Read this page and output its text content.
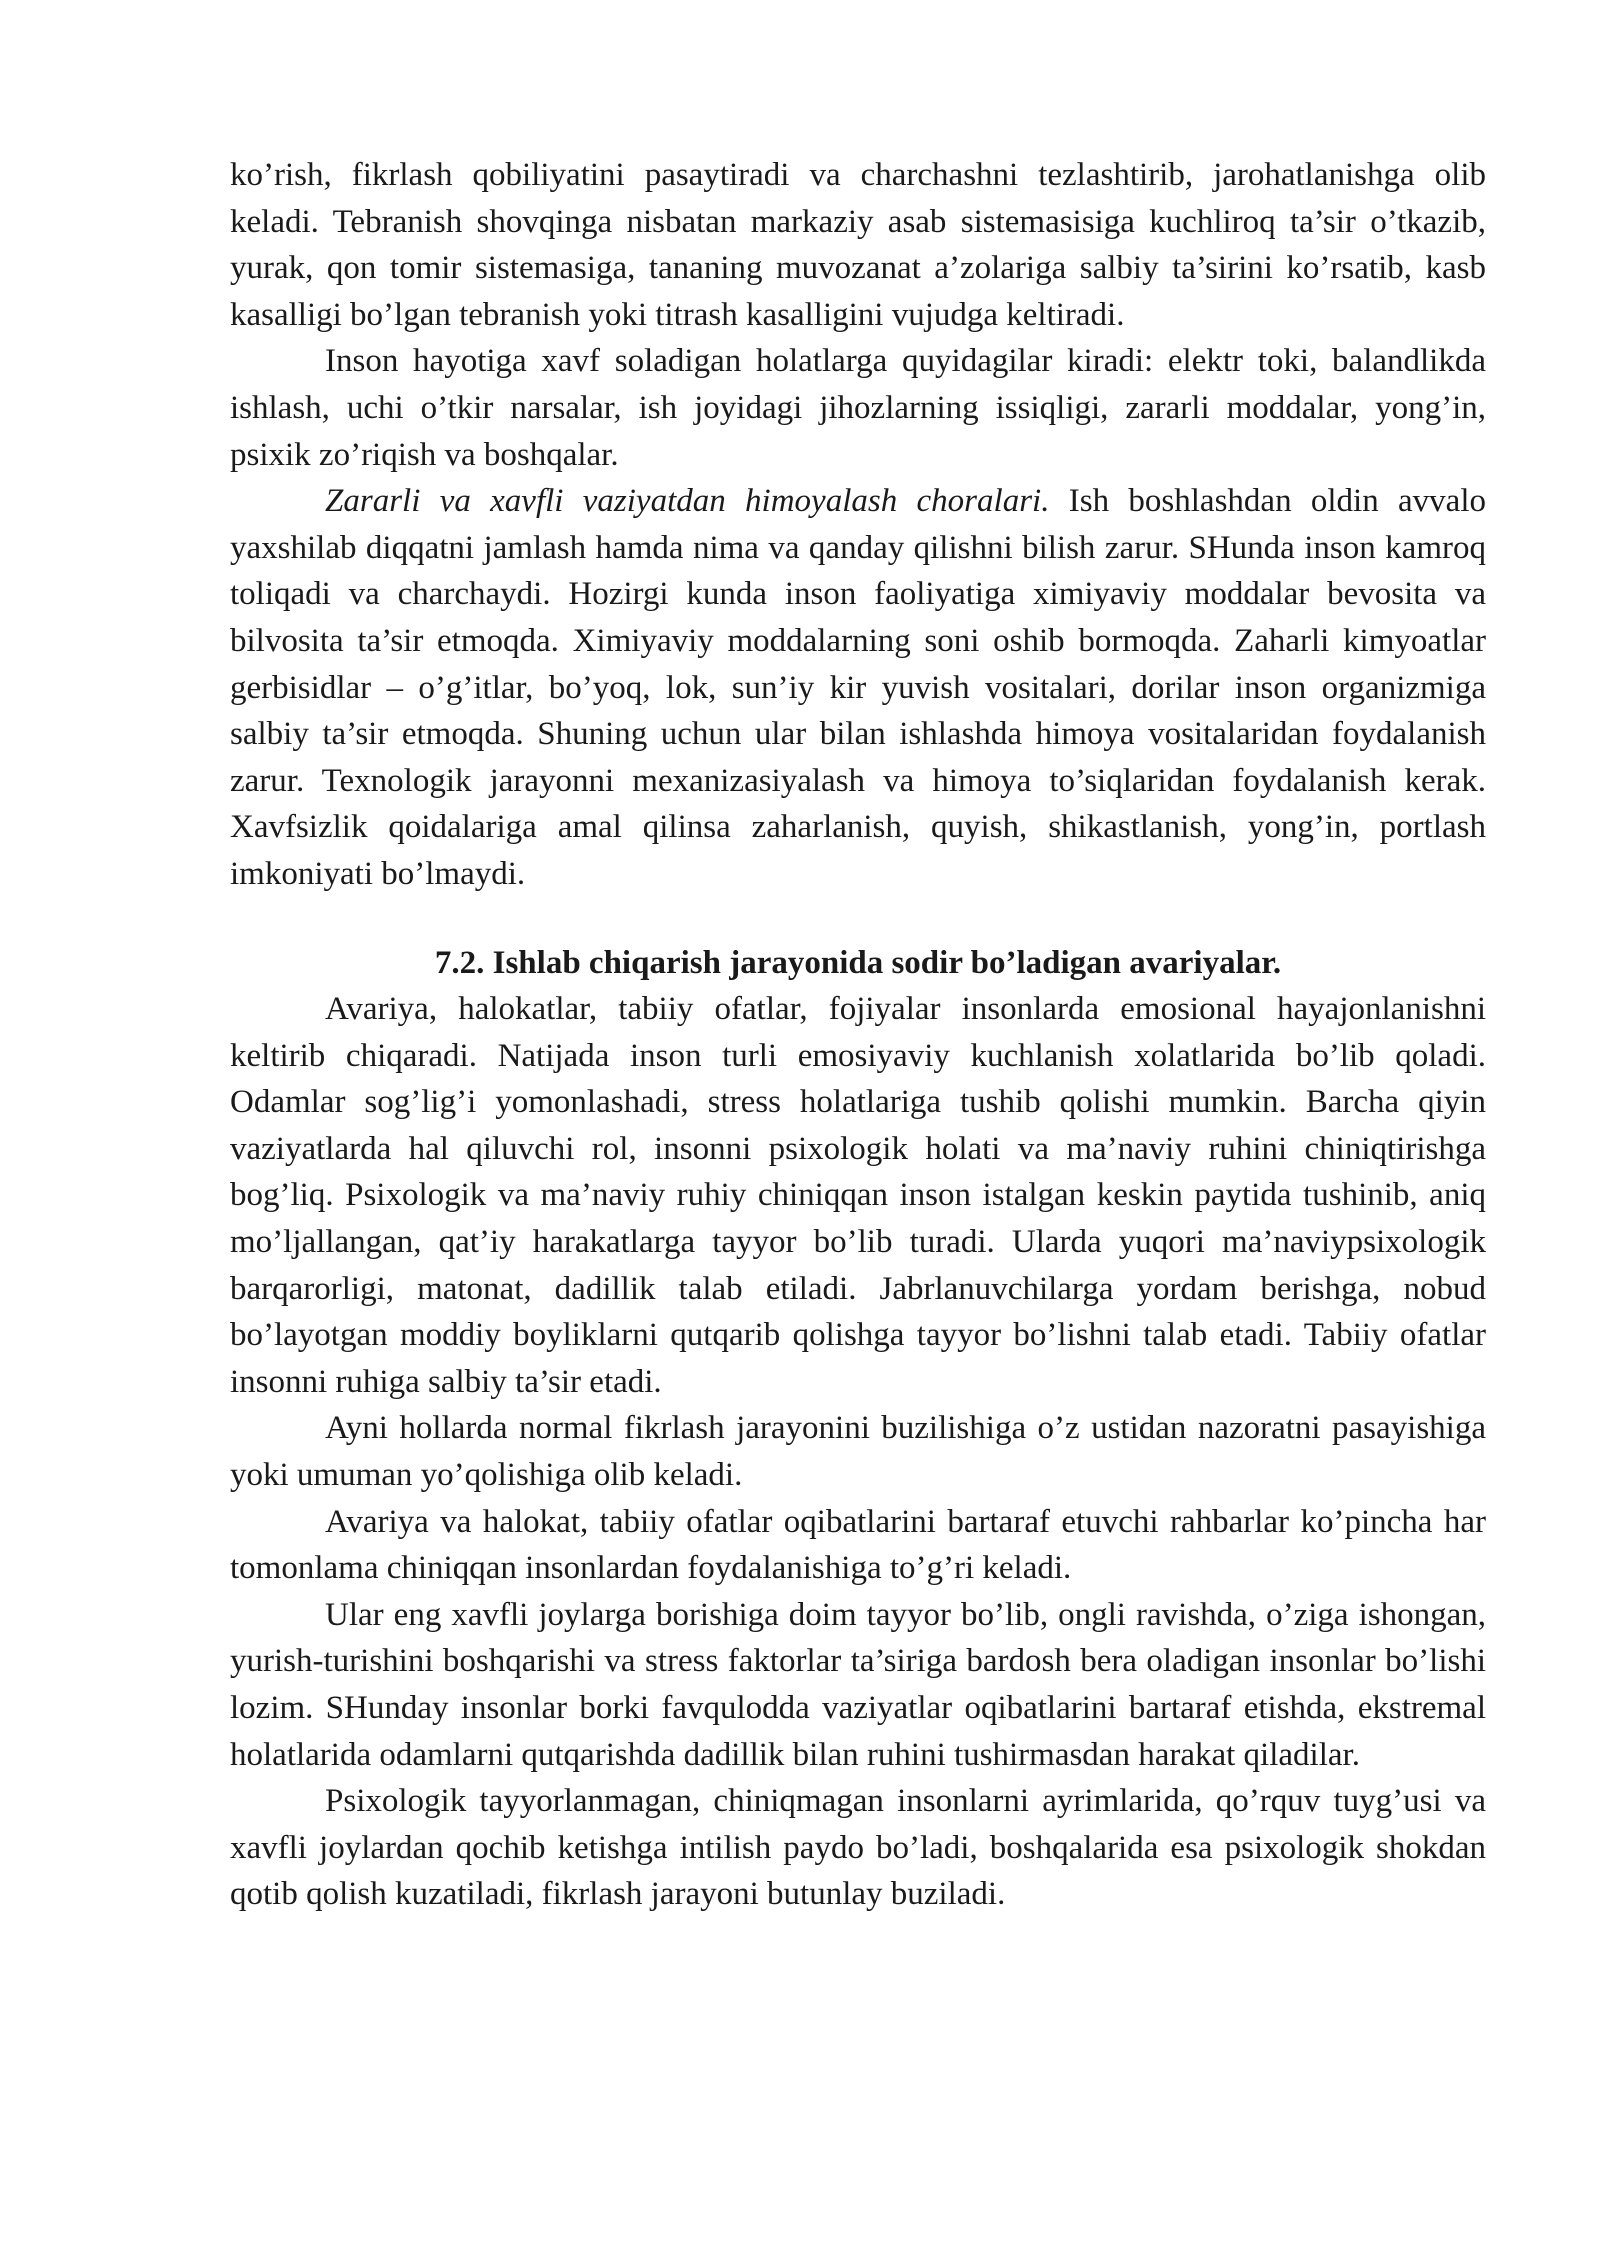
ko’rish, fikrlash qobiliyatini pasaytiradi va charchashni tezlashtirib, jarohatlanishga olib keladi. Tebranish shovqinga nisbatan markaziy asab sistemasisiga kuchliroq ta’sir o’tkazib, yurak, qon tomir sistemasiga, tananing muvozanat a’zolariga salbiy ta’sirini ko’rsatib, kasb kasalligi bo’lgan tebranish yoki titrash kasalligini vujudga keltiradi.

Inson hayotiga xavf soladigan holatlarga quyidagilar kiradi: elektr toki, balandlikda ishlash, uchi o’tkir narsalar, ish joyidagi jihozlarning issiqligi, zararli moddalar, yong’in, psixik zo’riqish va boshqalar.

Zararli va xavfli vaziyatdan himoyalash choralari. Ish boshlashdan oldin avvalo yaxshilab diqqatni jamlash hamda nima va qanday qilishni bilish zarur. SHunda inson kamroq toliqadi va charchaydi. Hozirgi kunda inson faoliyatiga ximiyaviy moddalar bevosita va bilvosita ta’sir etmoqda. Ximiyaviy moddalarning soni oshib bormoqda. Zaharli kimyoatlar gerbisidlar – o’g’itlar, bo’yoq, lok, sun’iy kir yuvish vositalari, dorilar inson organizmiga salbiy ta’sir etmoqda. Shuning uchun ular bilan ishlashda himoya vositalaridan foydalanish zarur. Texnologik jarayonni mexanizasiyalash va himoya to’siqlaridan foydalanish kerak. Xavfsizlik qoidalariga amal qilinsa zaharlanish, quyish, shikastlanish, yong’in, portlash imkoniyati bo’lmaydi.

7.2. Ishlab chiqarish jarayonida sodir bo’ladigan avariyalar.

Avariya, halokatlar, tabiiy ofatlar, fojiyalar insonlarda emosional hayajonlanishni keltirib chiqaradi. Natijada inson turli emosiyaviy kuchlanish xolatlarida bo’lib qoladi. Odamlar sog’lig’i yomonlashadi, stress holatlariga tushib qolishi mumkin. Barcha qiyin vaziyatlarda hal qiluvchi rol, insonni psixologik holati va ma’naviy ruhini chiniqtirishga bog’liq. Psixologik va ma’naviy ruhiy chiniqqan inson istalgan keskin paytida tushinib, aniq mo’ljallangan, qat’iy harakatlarga tayyor bo’lib turadi. Ularda yuqori ma’naviypsixologik barqarorligi, matonat, dadillik talab etiladi. Jabrlanuvchilarga yordam berishga, nobud bo’layotgan moddiy boyliklarni qutqarib qolishga tayyor bo’lishni talab etadi. Tabiiy ofatlar insonni ruhiga salbiy ta’sir etadi.

Ayni hollarda normal fikrlash jarayonini buzilishiga o’z ustidan nazoratni pasayishiga yoki umuman yo’qolishiga olib keladi.

Avariya va halokat, tabiiy ofatlar oqibatlarini bartaraf etuvchi rahbarlar ko’pincha har tomonlama chiniqqan insonlardan foydalanishiga to’g’ri keladi.

Ular eng xavfli joylarga borishiga doim tayyor bo’lib, ongli ravishda, o’ziga ishongan, yurish-turishini boshqarishi va stress faktorlar ta’siriga bardosh bera oladigan insonlar bo’lishi lozim. SHunday insonlar borki favqulodda vaziyatlar oqibatlarini bartaraf etishda, ekstremal holatlarida odamlarni qutqarishda dadillik bilan ruhini tushirmasdan harakat qiladilar.

Psixologik tayyorlanmagan, chiniqmagan insonlarni ayrimlarida, qo’rquv tuyg’usi va xavfli joylardan qochib ketishga intilish paydo bo’ladi, boshqalarida esa psixologik shokdan qotib qolish kuzatiladi, fikrlash jarayoni butunlay buziladi.
